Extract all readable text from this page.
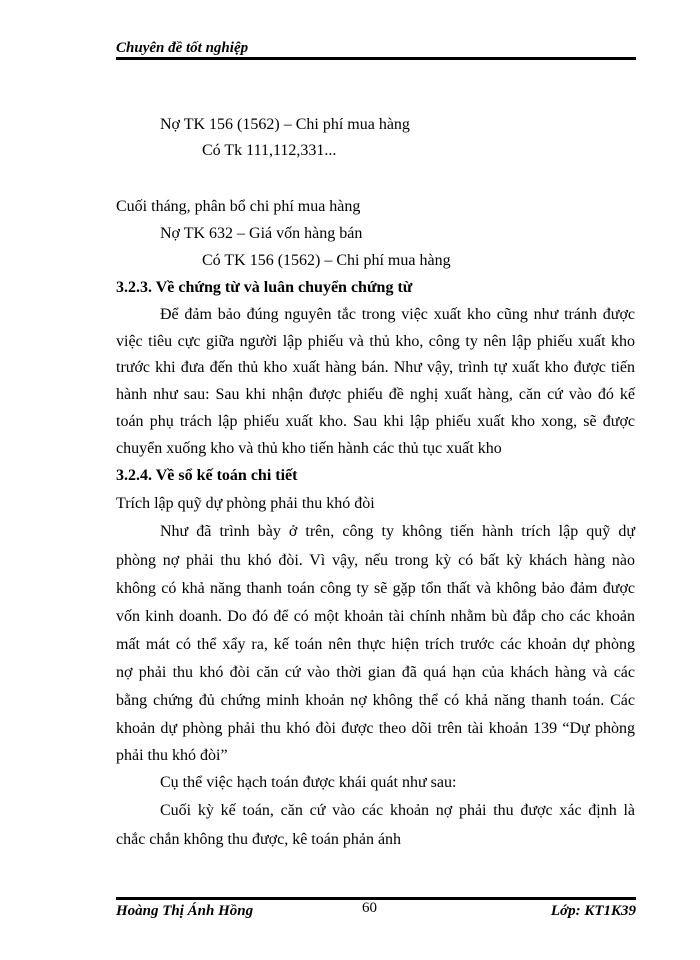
Chuyên đề tốt nghiệp
Nợ TK 156 (1562) – Chi phí mua hàng
Có Tk 111,112,331...
Cuối tháng, phân bổ chi phí mua hàng
Nợ TK 632 – Giá vốn hàng bán
Có TK 156 (1562) – Chi phí mua hàng
3.2.3. Về chứng từ và luân chuyển chứng từ
Để đảm bảo đúng nguyên tắc trong việc xuất kho cũng như tránh được
việc tiêu cực giữa người lập phiếu và thủ kho, công ty nên lập phiếu xuất kho
trước khi đưa đến thủ kho xuất hàng bán. Như vậy, trình tự xuất kho được tiến
hành như sau: Sau khi nhận được phiếu đề nghị xuất hàng, căn cứ vào đó kế
toán phụ trách lập phiếu xuất kho. Sau khi lập phiếu xuất kho xong, sẽ được
chuyển xuống kho và thủ kho tiến hành các thủ tục xuất kho
3.2.4. Về sổ kế toán chi tiết
Trích lập quỹ dự phòng phải thu khó đòi
Như đã trình bày ở trên, công ty không tiến hành trích lập quỹ dự
phòng nợ phải thu khó đòi. Vì vậy, nếu trong kỳ có bất kỳ khách hàng nào
không có khả năng thanh toán công ty sẽ gặp tổn thất và không bảo đảm được
vốn kinh doanh. Do đó để có một khoản tài chính nhằm bù đắp cho các khoản
mất mát có thể xẩy ra, kế toán nên thực hiện trích trước các khoản dự phòng
nợ phải thu khó đòi căn cứ vào thời gian đã quá hạn của khách hàng và các
bằng chứng đủ chứng minh khoản nợ không thể có khả năng thanh toán. Các
khoản dự phòng phải thu khó đòi được theo dõi trên tài khoản 139 “Dự phòng
phải thu khó đòi”
Cụ thể việc hạch toán được khái quát như sau:
Cuối kỳ kế toán, căn cứ vào các khoản nợ phải thu được xác định là
chắc chắn không thu được, kê toán phản ánh
Hoàng Thị Ánh Hồng	60	Lớp: KT1K39
